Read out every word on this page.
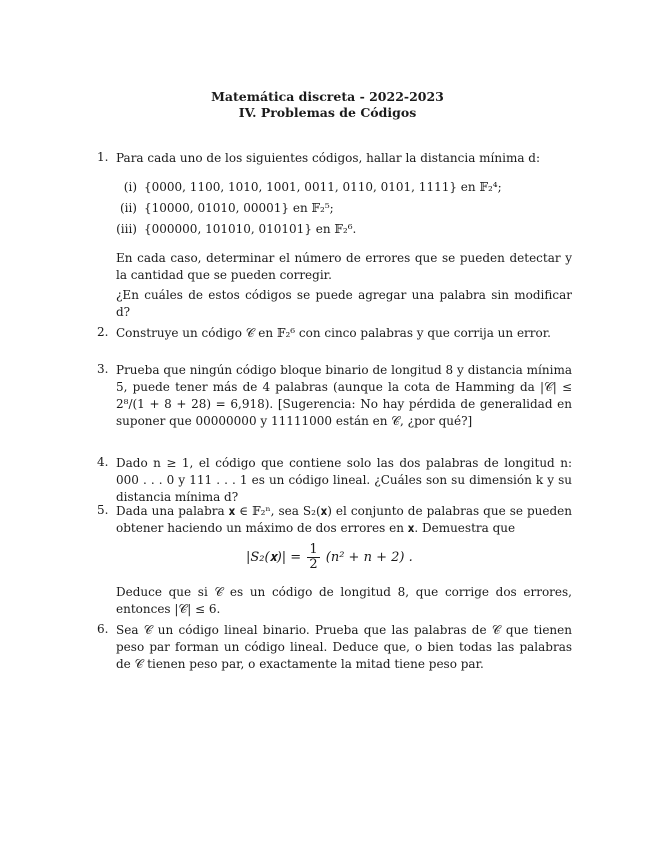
Matemática discreta - 2022-2023
IV. Problemas de Códigos
1. Para cada uno de los siguientes códigos, hallar la distancia mínima d:
(i) {0000, 1100, 1010, 1001, 0011, 0110, 0101, 1111} en 𝔽₂⁴;
(ii) {10000, 01010, 00001} en 𝔽₂⁵;
(iii) {000000, 101010, 010101} en 𝔽₂⁶.
En cada caso, determinar el número de errores que se pueden detectar y la cantidad que se pueden corregir.
¿En cuáles de estos códigos se puede agregar una palabra sin modificar d?
2. Construye un código 𝒞 en 𝔽₂⁶ con cinco palabras y que corrija un error.
3. Prueba que ningún código bloque binario de longitud 8 y distancia mínima 5, puede tener más de 4 palabras (aunque la cota de Hamming da |𝒞| ≤ 2⁸/(1 + 8 + 28) = 6,918). [Sugerencia: No hay pérdida de generalidad en suponer que 00000000 y 11111000 están en 𝒞, ¿por qué?]
4. Dado n ≥ 1, el código que contiene solo las dos palabras de longitud n: 000 . . . 0 y 111 . . . 1 es un código lineal. ¿Cuáles son su dimensión k y su distancia mínima d?
5. Dada una palabra 𝐱 ∈ 𝔽₂ⁿ, sea S₂(𝐱) el conjunto de palabras que se pueden obtener haciendo un máximo de dos errores en 𝐱. Demuestra que
|S₂(𝐱)| = $\frac{1}{2} (n^2 + n + 2)$ .
Deduce que si 𝒞 es un código de longitud 8, que corrige dos errores, entonces |𝒞| ≤ 6.
6. Sea 𝒞 un código lineal binario. Prueba que las palabras de 𝒞 que tienen peso par forman un código lineal. Deduce que, o bien todas las palabras de 𝒞 tienen peso par, o exactamente la mitad tiene peso par.
